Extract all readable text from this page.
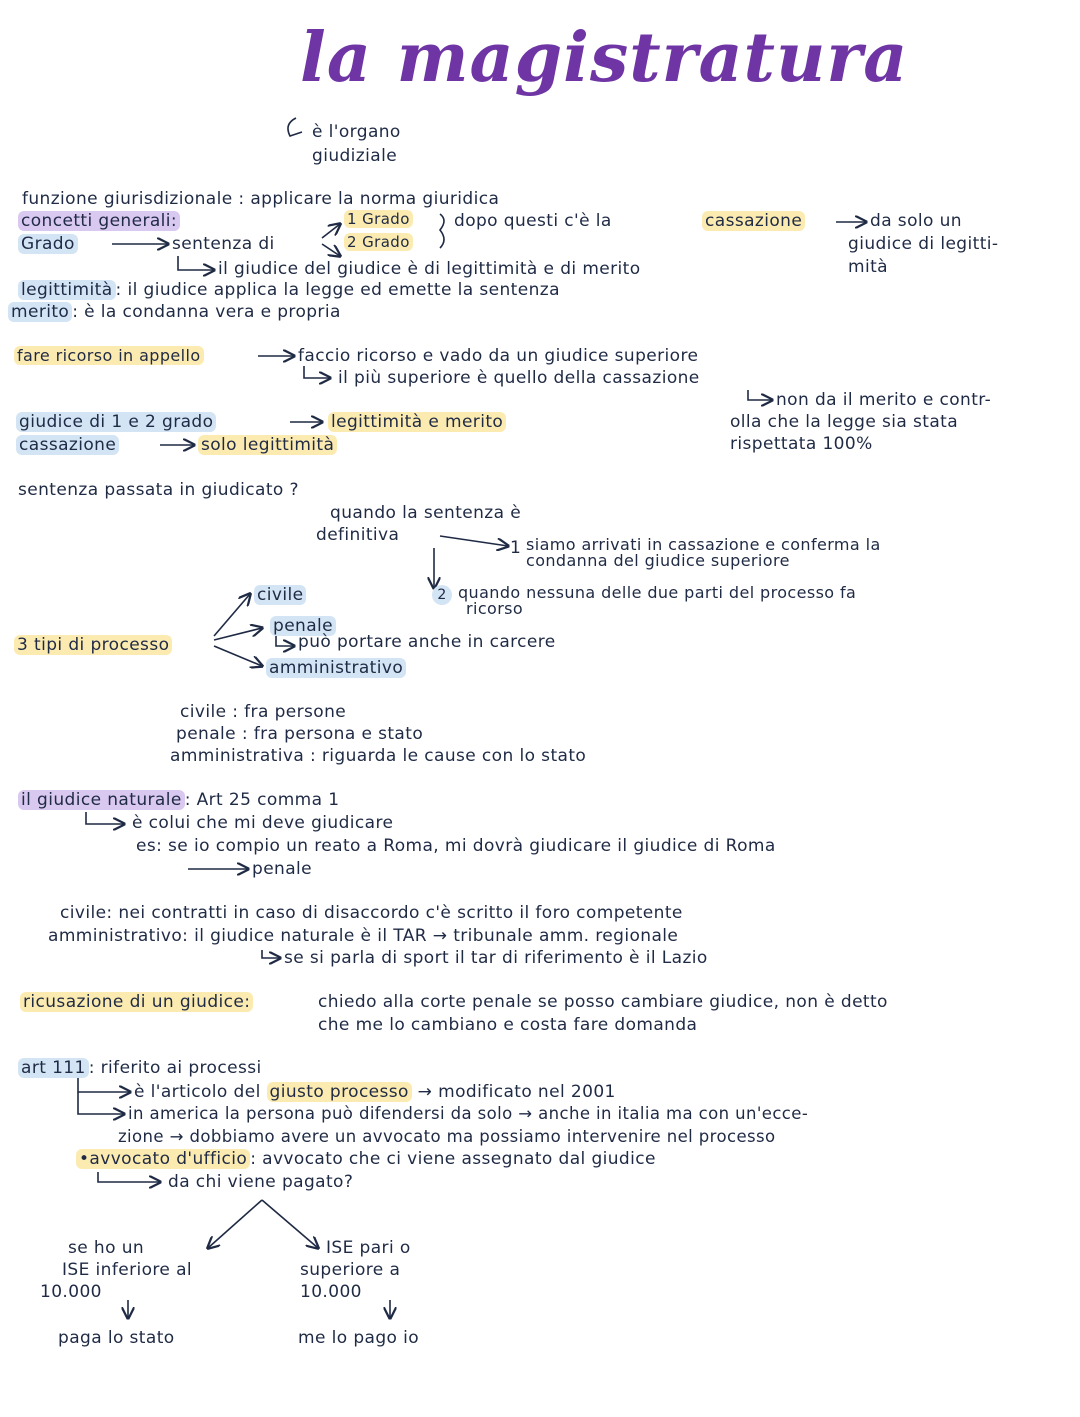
la magistratura
è l'organo
giudiziale
funzione giurisdizionale : applicare la norma giuridica
concetti generali:
Grado	sentenza di
1 Grado
2 Grado
dopo questi c'è la	cassazione	da solo un
giudice di legitti-
mità
il giudice del giudice è di legittimità e di merito
legittimità : il giudice applica la legge ed emette la sentenza
merito : è la condanna vera e propria
fare ricorso in appello	faccio ricorso e vado da un giudice superiore
il più superiore è quello della cassazione
non da il merito e contr-
olla che la legge sia stata
rispettata 100%
giudice di 1 e 2 grado	legittimità e merito
cassazione	solo legittimità
sentenza passata in giudicato ?
quando la sentenza è
definitiva
1 siamo arrivati in cassazione e conferma la
condanna del giudice superiore
2 quando nessuna delle due parti del processo fa
ricorso
civile
penale
può portare anche in carcere
amministrativo
3 tipi di processo
civile : fra persone
penale : fra persona e stato
amministrativa : riguarda le cause con lo stato
il giudice naturale : Art 25 comma 1
è colui che mi deve giudicare
es: se io compio un reato a Roma, mi dovrà giudicare il giudice di Roma
penale
civile: nei contratti in caso di disaccordo c'è scritto il foro competente
amministrativo: il giudice naturale è il TAR → tribunale amm. regionale
se si parla di sport il tar di riferimento è il Lazio
ricusazione di un giudice:	chiedo alla corte penale se posso cambiare giudice, non è detto
che me lo cambiano e costa fare domanda
art 111 : riferito ai processi
è l'articolo del giusto processo → modificato nel 2001
in america la persona può difendersi da solo → anche in italia ma con un'ecce-
zione → dobbiamo avere un avvocato ma possiamo intervenire nel processo
•avvocato d'ufficio : avvocato che ci viene assegnato dal giudice
da chi viene pagato?
se ho un
ISE inferiore al
10.000
paga lo stato
ISE pari o
superiore a
10.000
me lo pago io
